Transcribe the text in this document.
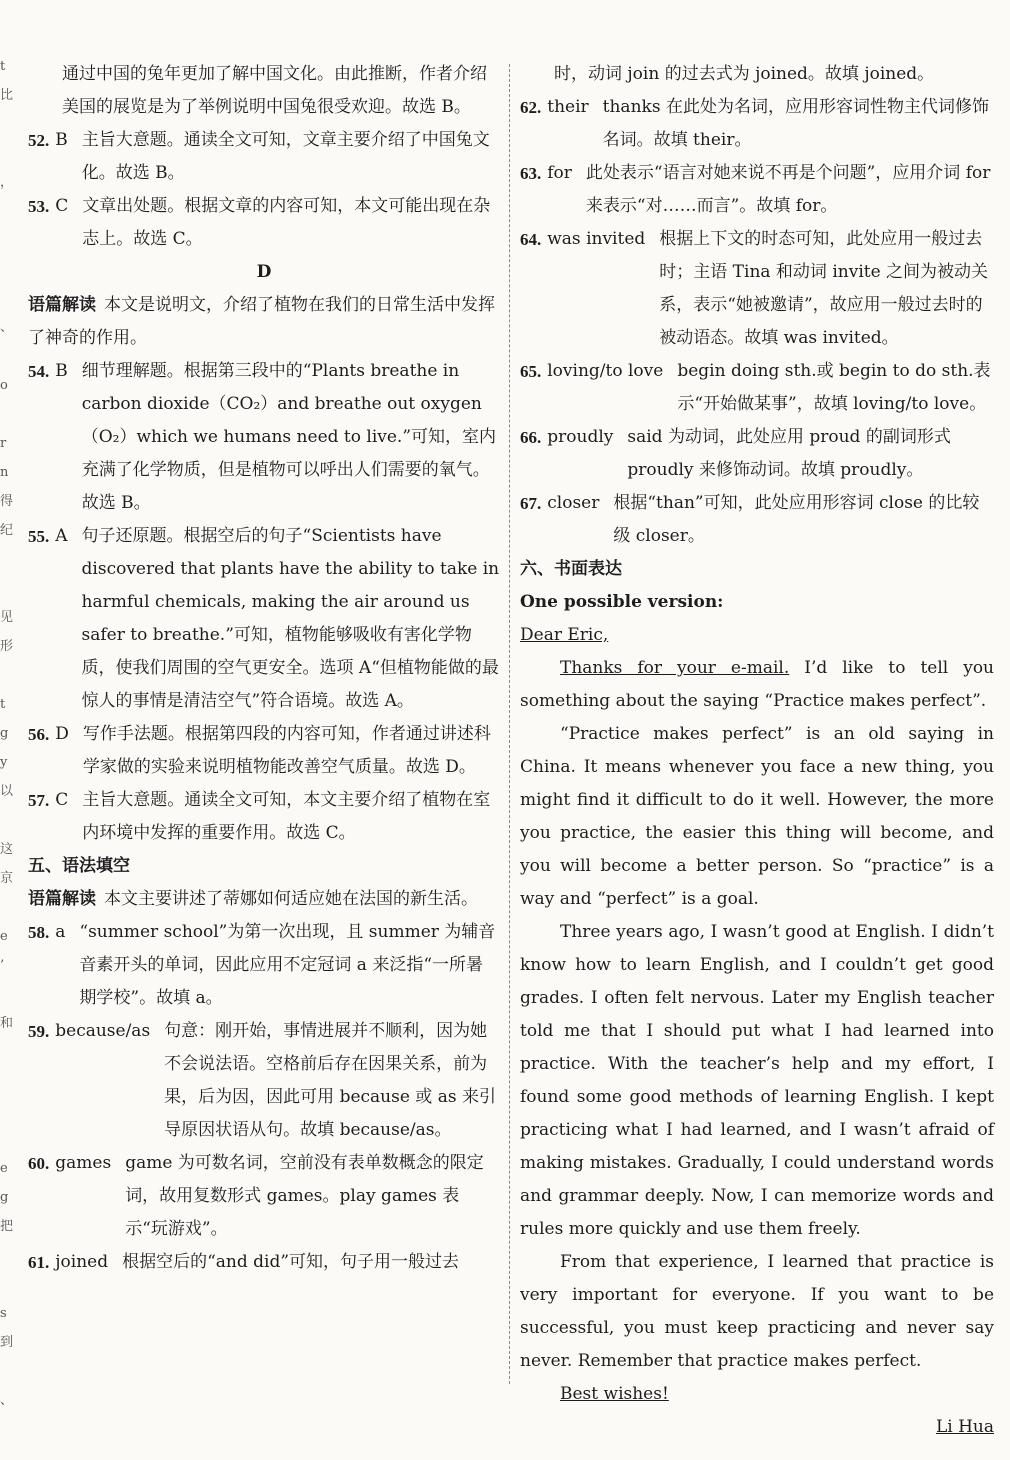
t
比
，
、
o
r
n
得
纪
见
形
t
g
y
以
这
京
e
’
和
e
g
把
s
到
、
通过中国的兔年更加了解中国文化。由此推断，作者介绍美国的展览是为了举例说明中国兔很受欢迎。故选 B。
52. B 主旨大意题。通读全文可知，文章主要介绍了中国兔文化。故选 B。
53. C 文章出处题。根据文章的内容可知，本文可能出现在杂志上。故选 C。
D
语篇解读 本文是说明文，介绍了植物在我们的日常生活中发挥了神奇的作用。
54. B 细节理解题。根据第三段中的“Plants breathe in carbon dioxide（CO₂）and breathe out oxygen（O₂）which we humans need to live.”可知，室内充满了化学物质，但是植物可以呼出人们需要的氧气。故选 B。
55. A 句子还原题。根据空后的句子“Scientists have discovered that plants have the ability to take in harmful chemicals, making the air around us safer to breathe.”可知，植物能够吸收有害化学物质，使我们周围的空气更安全。选项 A“但植物能做的最惊人的事情是清洁空气”符合语境。故选 A。
56. D 写作手法题。根据第四段的内容可知，作者通过讲述科学家做的实验来说明植物能改善空气质量。故选 D。
57. C 主旨大意题。通读全文可知，本文主要介绍了植物在室内环境中发挥的重要作用。故选 C。
五、语法填空
语篇解读 本文主要讲述了蒂娜如何适应她在法国的新生活。
58. a “summer school”为第一次出现，且 summer 为辅音音素开头的单词，因此应用不定冠词 a 来泛指“一所暑期学校”。故填 a。
59. because/as 句意：刚开始，事情进展并不顺利，因为她不会说法语。空格前后存在因果关系，前为果，后为因，因此可用 because 或 as 来引导原因状语从句。故填 because/as。
60. games game 为可数名词，空前没有表单数概念的限定词，故用复数形式 games。play games 表示“玩游戏”。
61. joined 根据空后的“and did”可知，句子用一般过去
时，动词 join 的过去式为 joined。故填 joined。
62. their thanks 在此处为名词，应用形容词性物主代词修饰名词。故填 their。
63. for 此处表示“语言对她来说不再是个问题”，应用介词 for 来表示“对……而言”。故填 for。
64. was invited 根据上下文的时态可知，此处应用一般过去时；主语 Tina 和动词 invite 之间为被动关系，表示“她被邀请”，故应用一般过去时的被动语态。故填 was invited。
65. loving/to love begin doing sth.或 begin to do sth.表示“开始做某事”，故填 loving/to love。
66. proudly said 为动词，此处应用 proud 的副词形式 proudly 来修饰动词。故填 proudly。
67. closer 根据“than”可知，此处应用形容词 close 的比较级 closer。
六、书面表达
One possible version:

Dear Eric,

Thanks for your e-mail. I’d like to tell you something about the saying “Practice makes perfect”.

“Practice makes perfect” is an old saying in China. It means whenever you face a new thing, you might find it difficult to do it well. However, the more you practice, the easier this thing will become, and you will become a better person. So “practice” is a way and “perfect” is a goal.

Three years ago, I wasn’t good at English. I didn’t know how to learn English, and I couldn’t get good grades. I often felt nervous. Later my English teacher told me that I should put what I had learned into practice. With the teacher’s help and my effort, I found some good methods of learning English. I kept practicing what I had learned, and I wasn’t afraid of making mistakes. Gradually, I could understand words and grammar deeply. Now, I can memorize words and rules more quickly and use them freely.

From that experience, I learned that practice is very important for everyone. If you want to be successful, you must keep practicing and never say never. Remember that practice makes perfect.

Best wishes!

Li Hua
